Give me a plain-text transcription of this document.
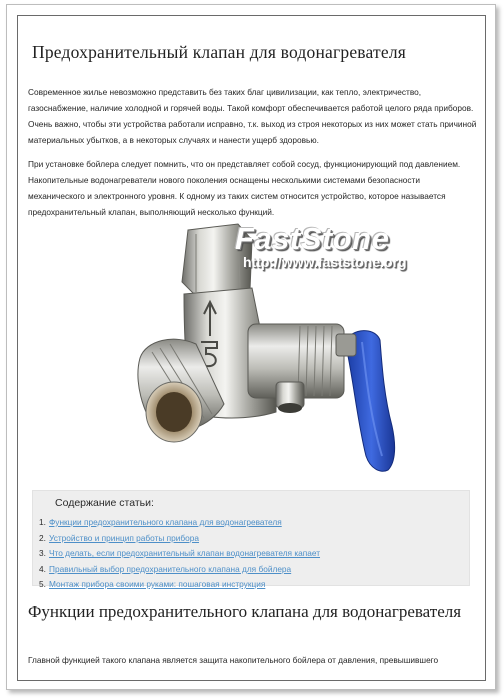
Предохранительный клапан для водонагревателя

Современное жилье невозможно представить без таких благ цивилизации, как тепло, электричество, газоснабжение, наличие холодной и горячей воды. Такой комфорт обеспечивается работой целого ряда приборов. Очень важно, чтобы эти устройства работали исправно, т.к. выход из строя некоторых из них может стать причиной материальных убытков, а в некоторых случаях и нанести ущерб здоровью.

При установке бойлера следует помнить, что он представляет собой сосуд, функционирующий под давлением. Накопительные водонагреватели нового поколения оснащены несколькими системами безопасности механического и электронного уровня. К одному из таких систем относится устройство, которое называется предохранительный клапан, выполняющий несколько функций.

FastStone
http://www.faststone.org
Содержание статьи:
1. Функции предохранительного клапана для водонагревателя
2. Устройство и принцип работы прибора
3. Что делать, если предохранительный клапан водонагревателя капает
4. Правильный выбор предохранительного клапана для бойлера
5. Монтаж прибора своими руками: пошаговая инструкция
Функции предохранительного клапана для водонагревателя

Главной функцией такого клапана является защита накопительного бойлера от давления, превышившего
